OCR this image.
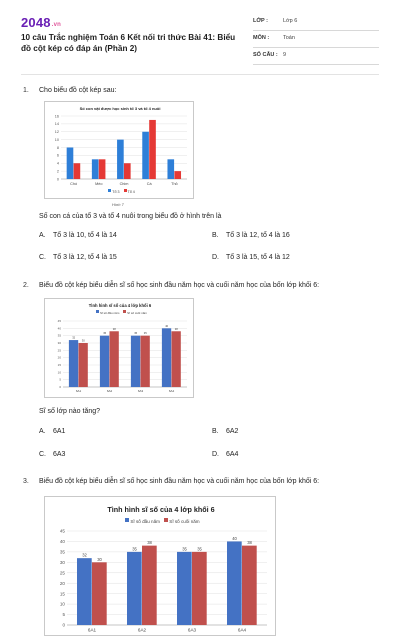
2048.vn
10 câu Trắc nghiệm Toán 6 Kết nối tri thức Bài 41: Biểu đồ cột kép có đáp án (Phần 2)
LỚP :	Lớp 6
MÔN :	Toán
SỐ CÂU : 9
1. Cho biểu đồ cột kép sau:
Số con vật được học sinh tổ 3 và tổ 4 nuôi
0
2
4
6
8
10
12
14
16
Chó	Mèo	Chim	Cá	Thỏ
Tổ 3 Tổ 4
Hình 7
Số con cá của tổ 3 và tổ 4 nuôi trong biểu đồ ở hình trên là
A. Tổ 3 là 10, tổ 4 là 14	B. Tổ 3 là 12, tổ 4 là 16
C. Tổ 3 là 12, tổ 4 là 15	D. Tổ 3 là 15, tổ 4 là 12
2. Biểu đồ cột kép biểu diễn sĩ số học sinh đầu năm học và cuối năm học của bốn lớp khối 6:
Tình hình sĩ số của 4 lớp khối 6
Sĩ số đầu năm	Sĩ số cuối năm
0
5
10
15
20
25
30
35
40
45
32
30
6A1
35
38
6A2
35 35
6A3
40
38
6A4
Sĩ số lớp nào tăng?
A. 6A1	B. 6A2
C. 6A3	D. 6A4
3. Biểu đồ cột kép biểu diễn sĩ số học sinh đầu năm học và cuối năm học của bốn lớp khối 6:
Tình hình sĩ số của 4 lớp khối 6
Sĩ số đầu năm Sĩ số cuối năm
0
5
10
15
20
25
30
35
40
45
32
30
6A1
35
38
6A2
35	35
6A3
40
38
6A4
